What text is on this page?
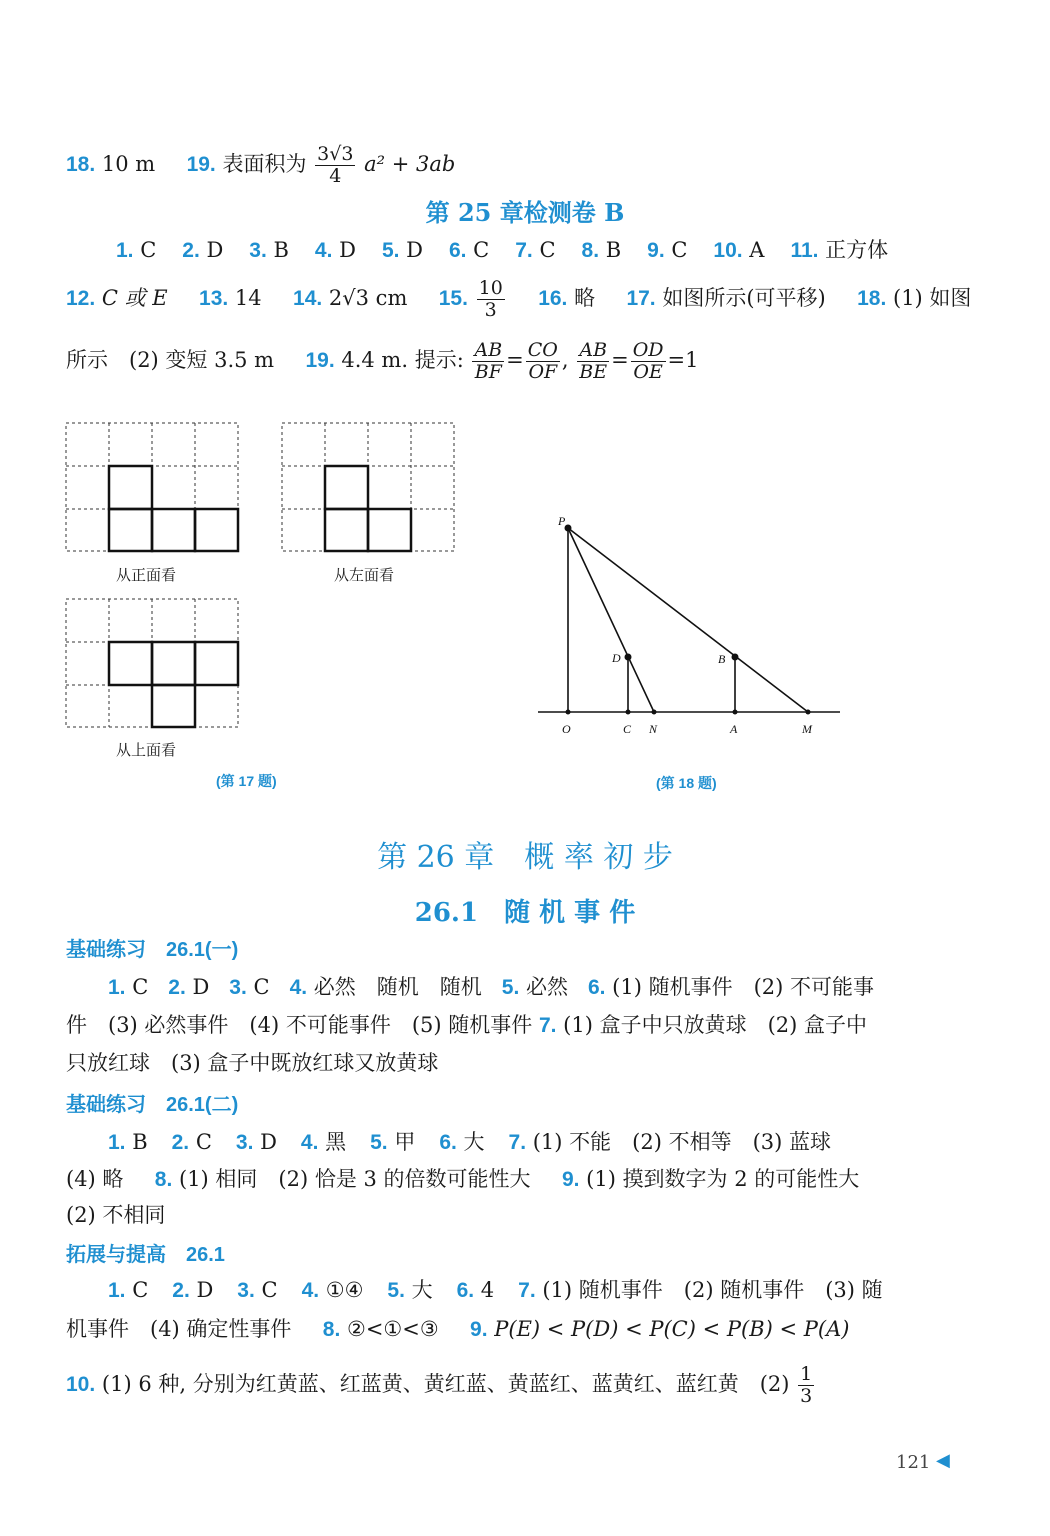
18. 10 m 19. 表面积为 $\frac{3√3}{4} a^2 + 3ab$
第 25 章检测卷 B
1. C 2. D 3. B 4. D 5. D 6. C 7. C 8. B 9. C 10. A 11. 正方体
12. C 或 E 13. 14 14. 2√3 cm 15. $\frac{10}{3} 16$. 略 17. 如图所示(可平移) 18. (1) 如图
所示　(2) 变短 3.5 m 19. 4.4 m. 提示: $\frac{AB}{BF} = \frac{CO}{OF}$ , $\frac{AB}{BE} = \frac{OD}{OE} =1$
从正面看	从左面看
从上面看
(第 17 题)
P
D	B
O	C N	A	M
(第 18 题)
第 26 章　概 率 初 步
26.1　随 机 事 件
基础练习　26.1(一)
1. C 2. D 3. C 4. 必然　随机　随机 5. 必然 6. (1) 随机事件　(2) 不可能事
件　(3) 必然事件　(4) 不可能事件　(5) 随机事件 7. (1) 盒子中只放黄球　(2) 盒子中
只放红球　(3) 盒子中既放红球又放黄球
基础练习　26.1(二)
1. B 2. C 3. D 4. 黑 5. 甲 6. 大 7. (1) 不能　(2) 不相等　(3) 蓝球
(4) 略 8. (1) 相同　(2) 恰是 3 的倍数可能性大 9. (1) 摸到数字为 2 的可能性大
(2) 不相同
拓展与提高　26.1
1. C 2. D 3. C 4. ①④ 5. 大 6. 4 7. (1) 随机事件　(2) 随机事件　(3) 随
机事件　(4) 确定性事件 8. ②<①<③ 9. P(E) < P(D) < P(C) < P(B) < P(A)
10. (1) 6 种, 分别为红黄蓝、红蓝黄、黄红蓝、黄蓝红、蓝黄红、蓝红黄　$(2) \frac{1}{3}$
121 ◀
